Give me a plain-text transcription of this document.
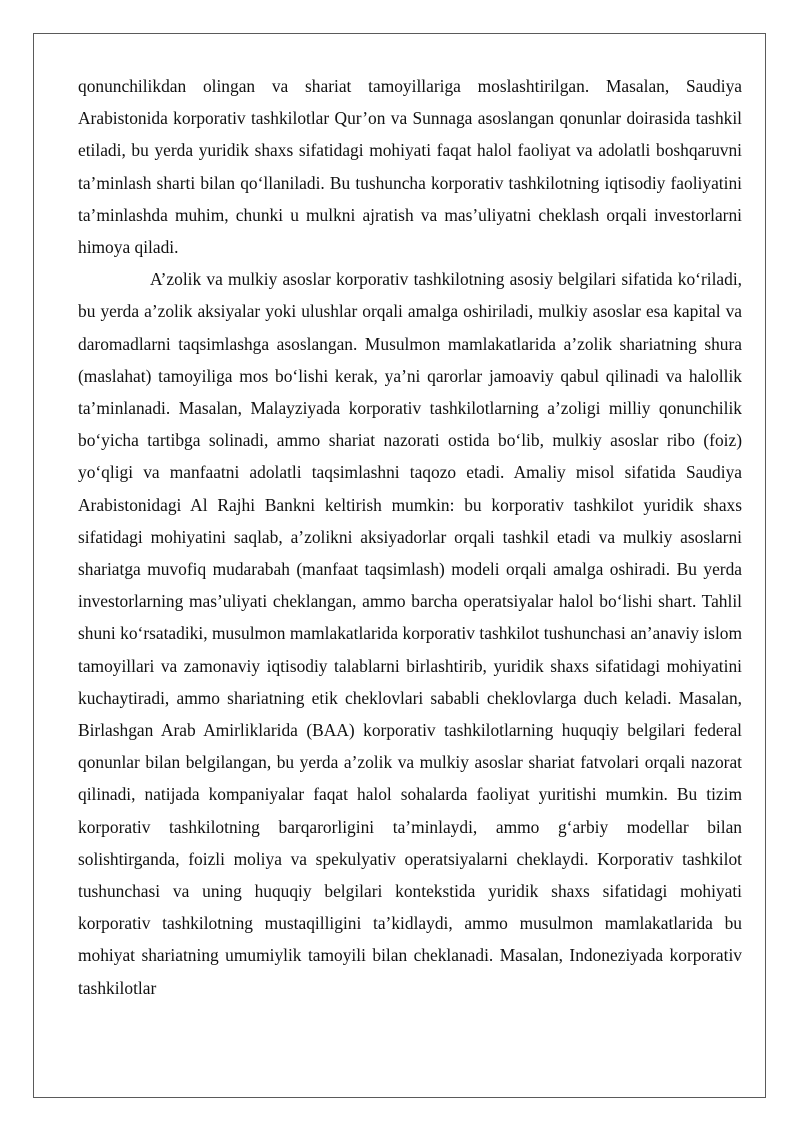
qonunchilikdan olingan va shariat tamoyillariga moslashtirilgan. Masalan, Saudiya Arabistonida korporativ tashkilotlar Qur’on va Sunnaga asoslangan qonunlar doirasida tashkil etiladi, bu yerda yuridik shaxs sifatidagi mohiyati faqat halol faoliyat va adolatli boshqaruvni ta’minlash sharti bilan qo‘llaniladi. Bu tushuncha korporativ tashkilotning iqtisodiy faoliyatini ta’minlashda muhim, chunki u mulkni ajratish va mas’uliyatni cheklash orqali investorlarni himoya qiladi.

A’zolik va mulkiy asoslar korporativ tashkilotning asosiy belgilari sifatida ko‘riladi, bu yerda a’zolik aksiyalar yoki ulushlar orqali amalga oshiriladi, mulkiy asoslar esa kapital va daromadlarni taqsimlashga asoslangan. Musulmon mamlakatlarida a’zolik shariatning shura (maslahat) tamoyiliga mos bo‘lishi kerak, ya’ni qarorlar jamoaviy qabul qilinadi va halollik ta’minlanadi. Masalan, Malayziyada korporativ tashkilotlarning a’zoligi milliy qonunchilik bo‘yicha tartibga solinadi, ammo shariat nazorati ostida bo‘lib, mulkiy asoslar ribo (foiz) yo‘qligi va manfaatni adolatli taqsimlashni taqozo etadi. Amaliy misol sifatida Saudiya Arabistonidagi Al Rajhi Bankni keltirish mumkin: bu korporativ tashkilot yuridik shaxs sifatidagi mohiyatini saqlab, a’zolikni aksiyadorlar orqali tashkil etadi va mulkiy asoslarni shariatga muvofiq mudarabah (manfaat taqsimlash) modeli orqali amalga oshiradi. Bu yerda investorlarning mas’uliyati cheklangan, ammo barcha operatsiyalar halol bo‘lishi shart. Tahlil shuni ko‘rsatadiki, musulmon mamlakatlarida korporativ tashkilot tushunchasi an’anaviy islom tamoyillari va zamonaviy iqtisodiy talablarni birlashtirib, yuridik shaxs sifatidagi mohiyatini kuchaytiradi, ammo shariatning etik cheklovlari sababli cheklovlarga duch keladi. Masalan, Birlashgan Arab Amirliklarida (BAA) korporativ tashkilotlarning huquqiy belgilari federal qonunlar bilan belgilangan, bu yerda a’zolik va mulkiy asoslar shariat fatvolari orqali nazorat qilinadi, natijada kompaniyalar faqat halol sohalarda faoliyat yuritishi mumkin. Bu tizim korporativ tashkilotning barqarorligini ta’minlaydi, ammo g‘arbiy modellar bilan solishtirganda, foizli moliya va spekulyativ operatsiyalarni cheklaydi. Korporativ tashkilot tushunchasi va uning huquqiy belgilari kontekstida yuridik shaxs sifatidagi mohiyati korporativ tashkilotning mustaqilligini ta’kidlaydi, ammo musulmon mamlakatlarida bu mohiyat shariatning umumiylik tamoyili bilan cheklanadi. Masalan, Indoneziyada korporativ tashkilotlar
